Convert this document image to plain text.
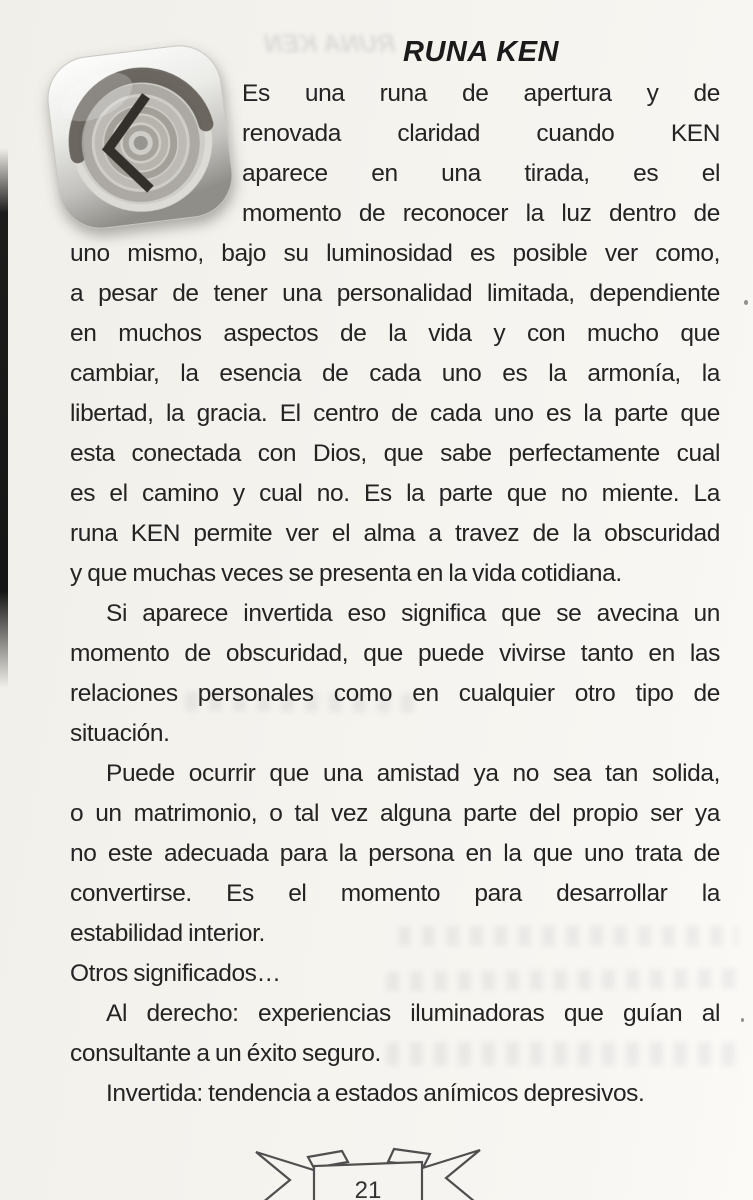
RUNA KEN RUNA KEN
Es una runa de apertura y de
renovada claridad cuando KEN
aparece en una tirada, es el
momento de reconocer la luz dentro de
uno mismo, bajo su luminosidad es posible ver como,
a pesar de tener una personalidad limitada, dependiente
en muchos aspectos de la vida y con mucho que
cambiar, la esencia de cada uno es la armonía, la
libertad, la gracia. El centro de cada uno es la parte que
esta conectada con Dios, que sabe perfectamente cual
es el camino y cual no. Es la parte que no miente. La
runa KEN permite ver el alma a travez de la obscuridad
y que muchas veces se presenta en la vida cotidiana.
Si aparece invertida eso significa que se avecina un
momento de obscuridad, que puede vivirse tanto en las
relaciones personales como en cualquier otro tipo de
situación.
Puede ocurrir que una amistad ya no sea tan solida,
o un matrimonio, o tal vez alguna parte del propio ser ya
no este adecuada para la persona en la que uno trata de
convertirse. Es el momento para desarrollar la
estabilidad interior.
Otros significados…
Al derecho: experiencias iluminadoras que guían al
consultante a un éxito seguro.
Invertida: tendencia a estados anímicos depresivos.
21
